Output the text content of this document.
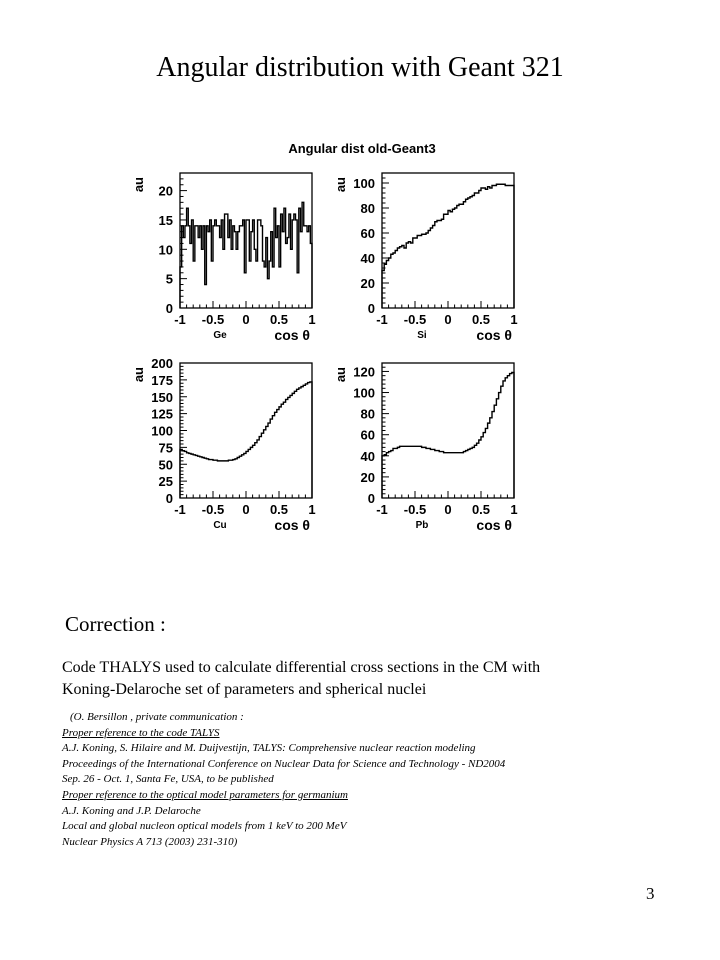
Angular distribution with Geant 321
Angular dist old-Geant3
-1 -0.5 0 0.5 1
0
5
10
15
20
au
Ge	cos θ
-1 -0.5 0 0.5 1
0
20
40
60
80
100
au
Si	cos θ
-1 -0.5 0 0.5 1
0
25
50
75
100
125
150
175
200
au
Cu	cos θ
-1 -0.5 0 0.5 1
0
20
40
60
80
100
120
au
Pb	cos θ
Correction :
Code THALYS used to calculate differential cross sections in the CM with
Koning-Delaroche set of parameters and spherical nuclei
(O. Bersillon , private communication :
Proper reference to the code TALYS
A.J. Koning, S. Hilaire and M. Duijvestijn, TALYS: Comprehensive nuclear reaction modeling
Proceedings of the International Conference on Nuclear Data for Science and Technology - ND2004
Sep. 26 - Oct. 1, Santa Fe, USA, to be published
Proper reference to the optical model parameters for germanium
A.J. Koning and J.P. Delaroche
Local and global nucleon optical models from 1 keV to 200 MeV
Nuclear Physics A 713 (2003) 231-310)
3
